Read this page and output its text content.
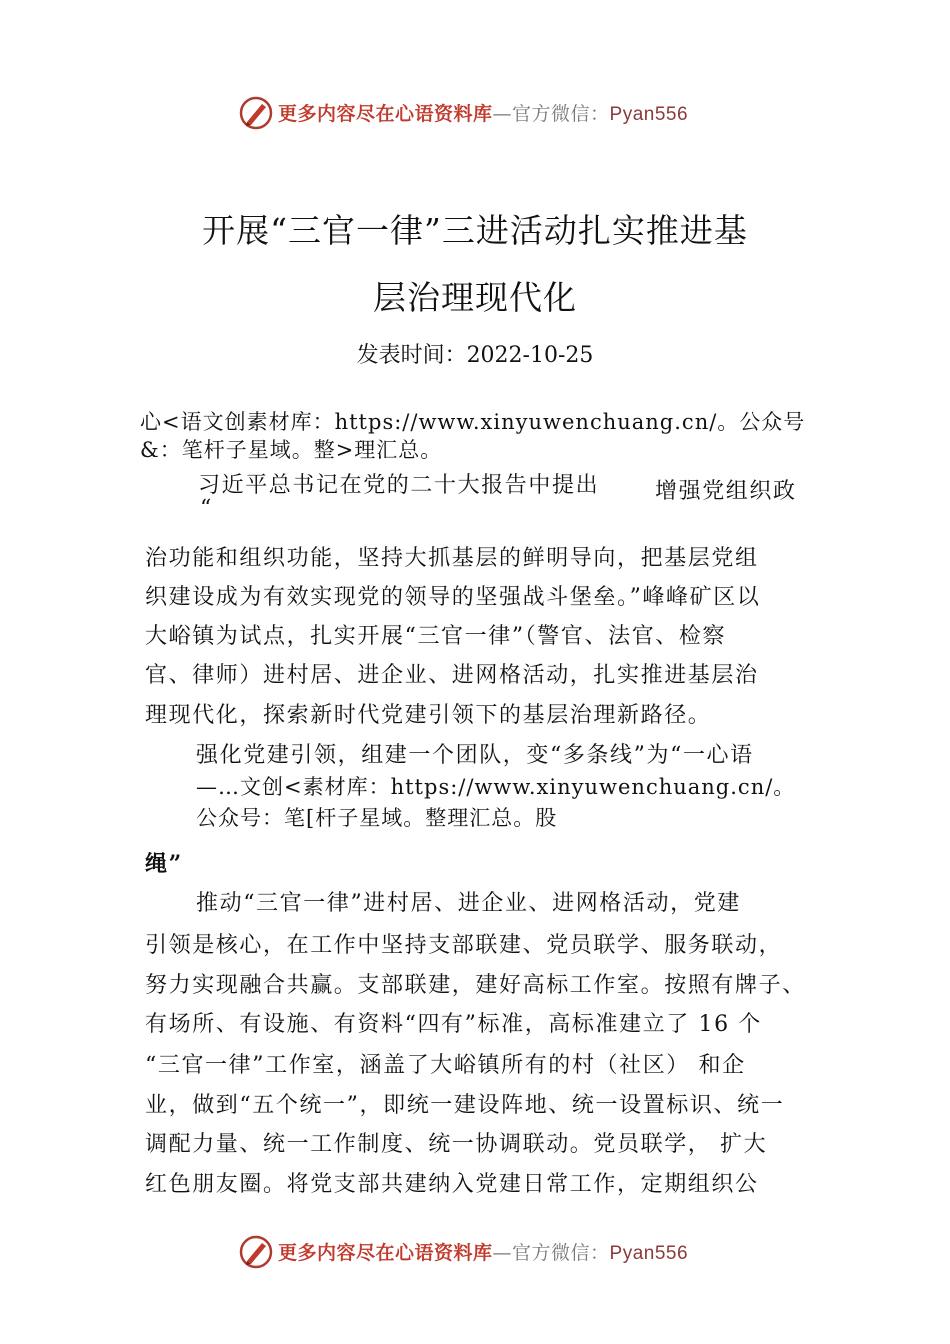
更多内容尽在心语资料库—官方微信：Pyan556
开展“三官一律”三进活动扎实推进基
层治理现代化
发表时间：2022-10-25
心<语文创素材库：https://www.xinyuwenchuang.cn/。公众号
&：笔杆子星域。整>理汇总。
习近平总书记在党的二十大报告中提出
“
增强党组织政
治功能和组织功能，坚持大抓基层的鲜明导向，把基层党组
织建设成为有效实现党的领导的坚强战斗堡垒。”峰峰矿区以
大峪镇为试点，扎实开展“三官一律”（警官、法官、检察
官、律师）进村居、进企业、进网格活动，扎实推进基层治
理现代化，探索新时代党建引领下的基层治理新路径。
强化党建引领，组建一个团队，变“多条线”为“一心语
—…文创<素材库：https://www.xinyuwenchuang.cn/。
公众号：笔[杆子星域。整理汇总。股
绳”
推动“三官一律”进村居、进企业、进网格活动，党建
引领是核心，在工作中坚持支部联建、党员联学、服务联动，
努力实现融合共赢。支部联建，建好高标工作室。按照有牌子、
有场所、有设施、有资料“四有”标准，高标准建立了 16 个
“三官一律”工作室，涵盖了大峪镇所有的村（社区） 和企
业，做到“五个统一”，即统一建设阵地、统一设置标识、统一
调配力量、统一工作制度、统一协调联动。党员联学， 扩大
红色朋友圈。将党支部共建纳入党建日常工作，定期组织公
更多内容尽在心语资料库—官方微信：Pyan556
